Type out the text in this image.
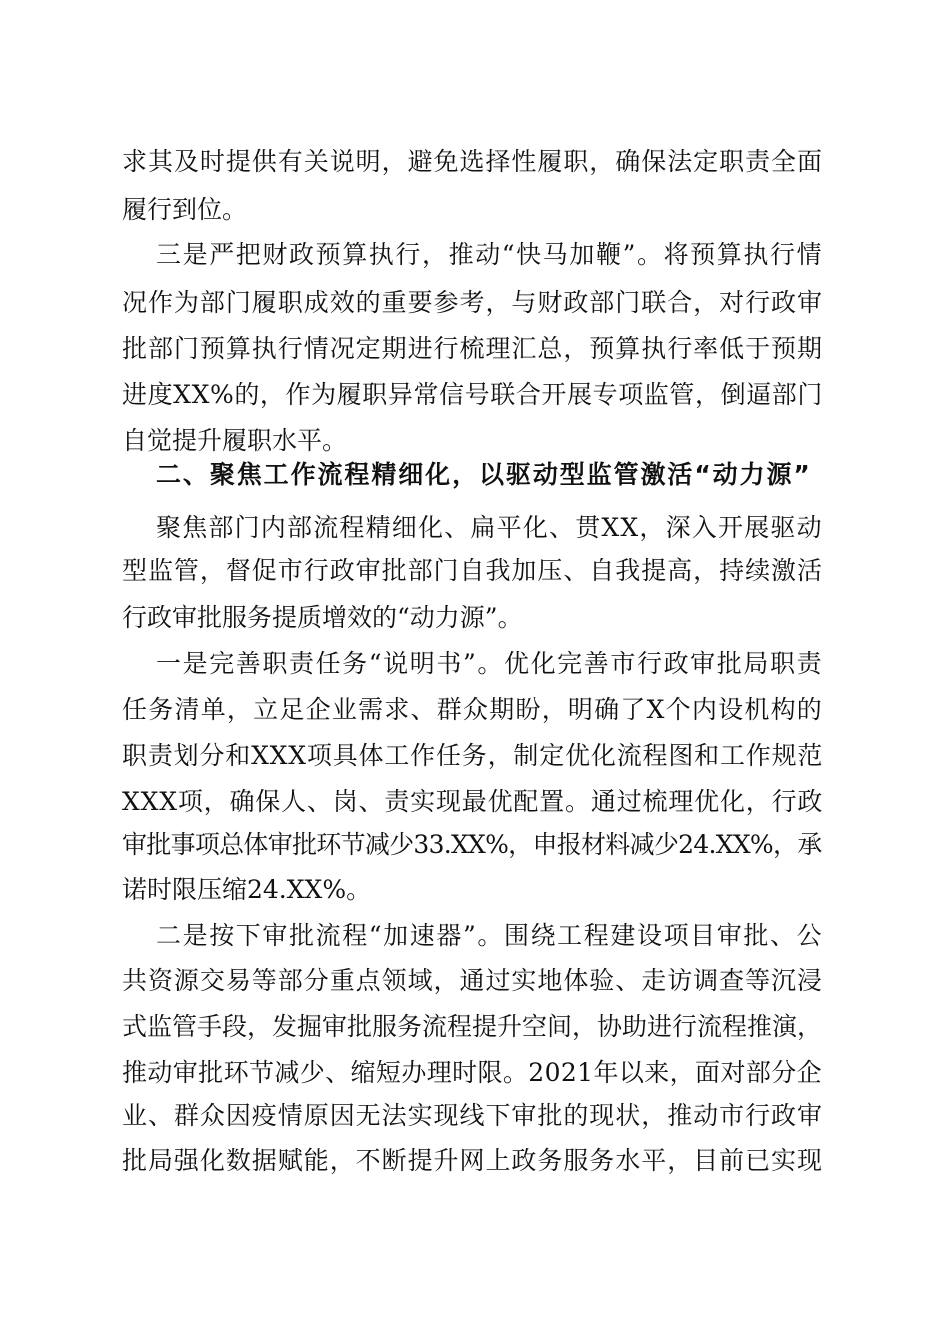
求其及时提供有关说明，避免选择性履职，确保法定职责全面
履行到位。
三是严把财政预算执行，推动“快马加鞭”。将预算执行情
况作为部门履职成效的重要参考，与财政部门联合，对行政审
批部门预算执行情况定期进行梳理汇总，预算执行率低于预期
进度XX%的，作为履职异常信号联合开展专项监管，倒逼部门
自觉提升履职水平。
二、聚焦工作流程精细化，以驱动型监管激活“动力源”
聚焦部门内部流程精细化、扁平化、贯XX，深入开展驱动
型监管，督促市行政审批部门自我加压、自我提高，持续激活
行政审批服务提质增效的“动力源”。
一是完善职责任务“说明书”。优化完善市行政审批局职责
任务清单，立足企业需求、群众期盼，明确了X个内设机构的
职责划分和XXX项具体工作任务，制定优化流程图和工作规范
XXX项，确保人、岗、责实现最优配置。通过梳理优化，行政
审批事项总体审批环节减少33.XX%，申报材料减少24.XX%，承
诺时限压缩24.XX%。
二是按下审批流程“加速器”。围绕工程建设项目审批、公
共资源交易等部分重点领域，通过实地体验、走访调查等沉浸
式监管手段，发掘审批服务流程提升空间，协助进行流程推演，
推动审批环节减少、缩短办理时限。2021年以来，面对部分企
业、群众因疫情原因无法实现线下审批的现状，推动市行政审
批局强化数据赋能，不断提升网上政务服务水平，目前已实现
